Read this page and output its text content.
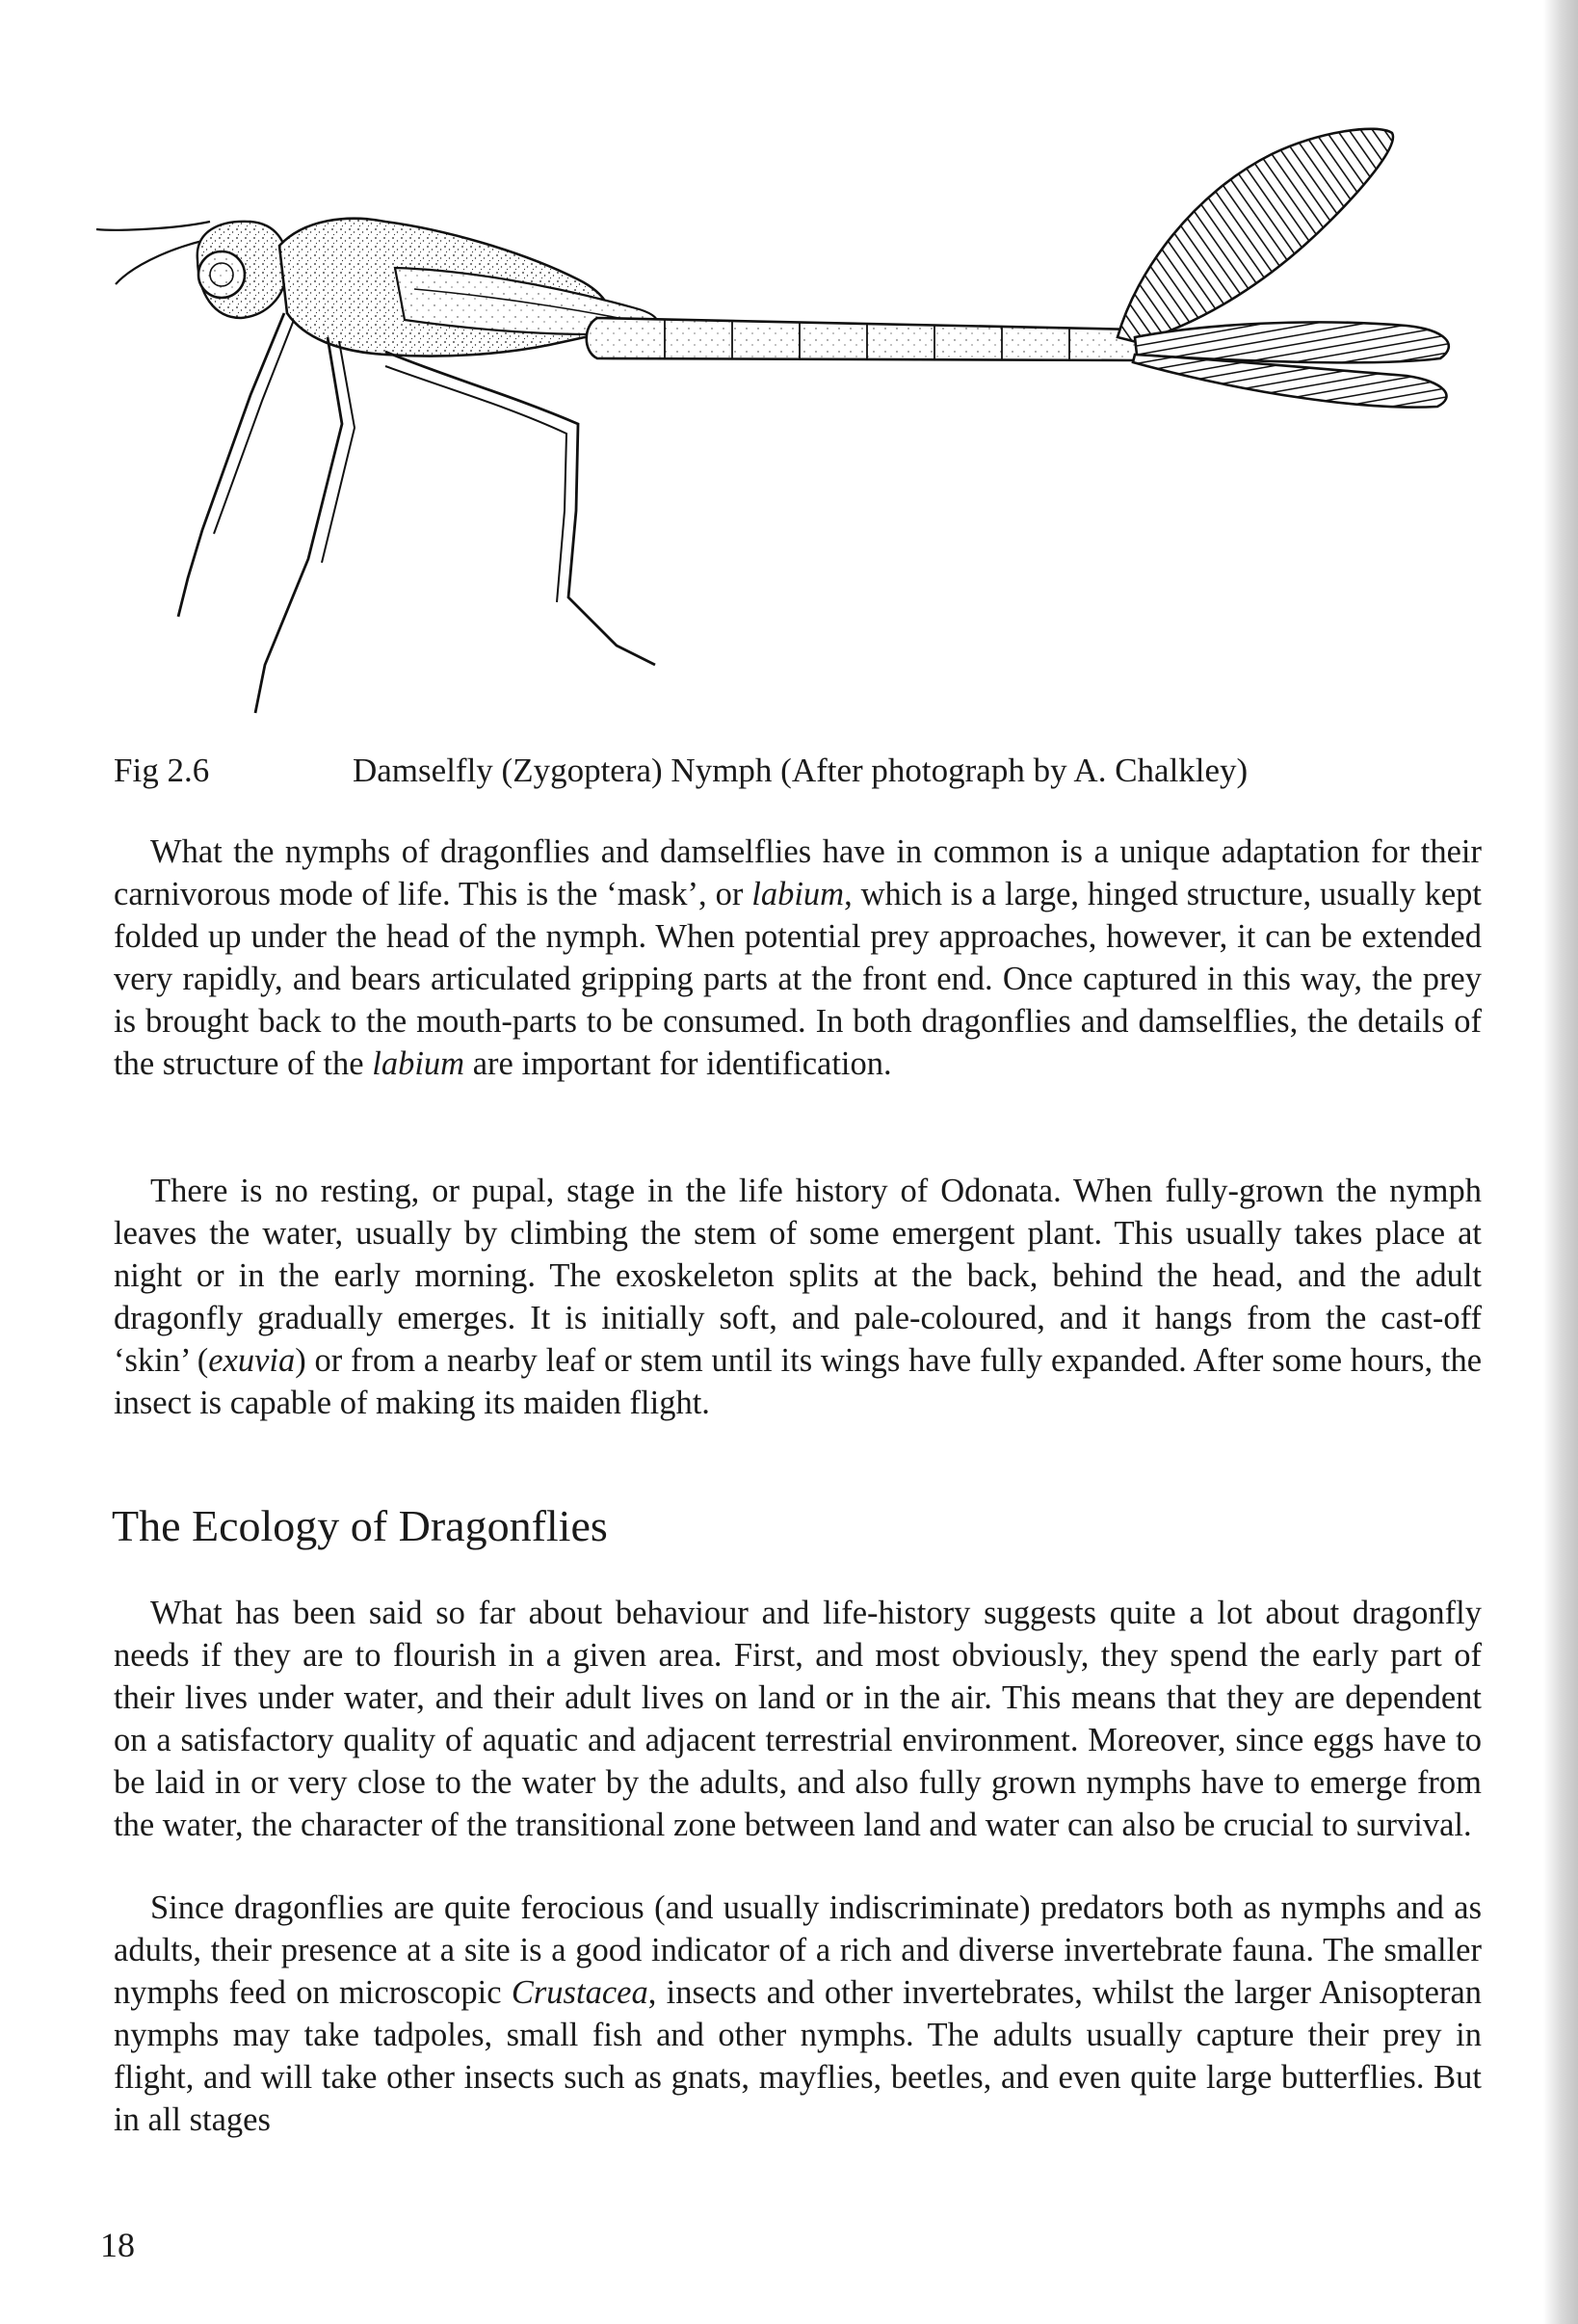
Fig 2.6	Damselfly (Zygoptera) Nymph (After photograph by A. Chalkley)

What the nymphs of dragonflies and damselflies have in common is a unique adaptation for their carnivorous mode of life. This is the ‘mask’, or labium, which is a large, hinged structure, usually kept folded up under the head of the nymph. When potential prey approaches, however, it can be extended very rapidly, and bears articulated gripping parts at the front end. Once captured in this way, the prey is brought back to the mouth-parts to be consumed. In both dragonflies and damselflies, the details of the structure of the labium are important for identification.

There is no resting, or pupal, stage in the life history of Odonata. When fully-grown the nymph leaves the water, usually by climbing the stem of some emergent plant. This usually takes place at night or in the early morning. The exoskeleton splits at the back, behind the head, and the adult dragonfly gradually emerges. It is initially soft, and pale-coloured, and it hangs from the cast-off ‘skin’ (exuvia) or from a nearby leaf or stem until its wings have fully expanded. After some hours, the insect is capable of making its maiden flight.

The Ecology of Dragonflies

What has been said so far about behaviour and life-history suggests quite a lot about dragonfly needs if they are to flourish in a given area. First, and most obviously, they spend the early part of their lives under water, and their adult lives on land or in the air. This means that they are dependent on a satisfactory quality of aquatic and adjacent terrestrial environment. Moreover, since eggs have to be laid in or very close to the water by the adults, and also fully grown nymphs have to emerge from the water, the character of the transitional zone between land and water can also be crucial to survival.

Since dragonflies are quite ferocious (and usually indiscriminate) predators both as nymphs and as adults, their presence at a site is a good indicator of a rich and diverse invertebrate fauna. The smaller nymphs feed on microscopic Crustacea, insects and other invertebrates, whilst the larger Anisopteran nymphs may take tadpoles, small fish and other nymphs. The adults usually capture their prey in flight, and will take other insects such as gnats, mayflies, beetles, and even quite large butterflies. But in all stages

18
